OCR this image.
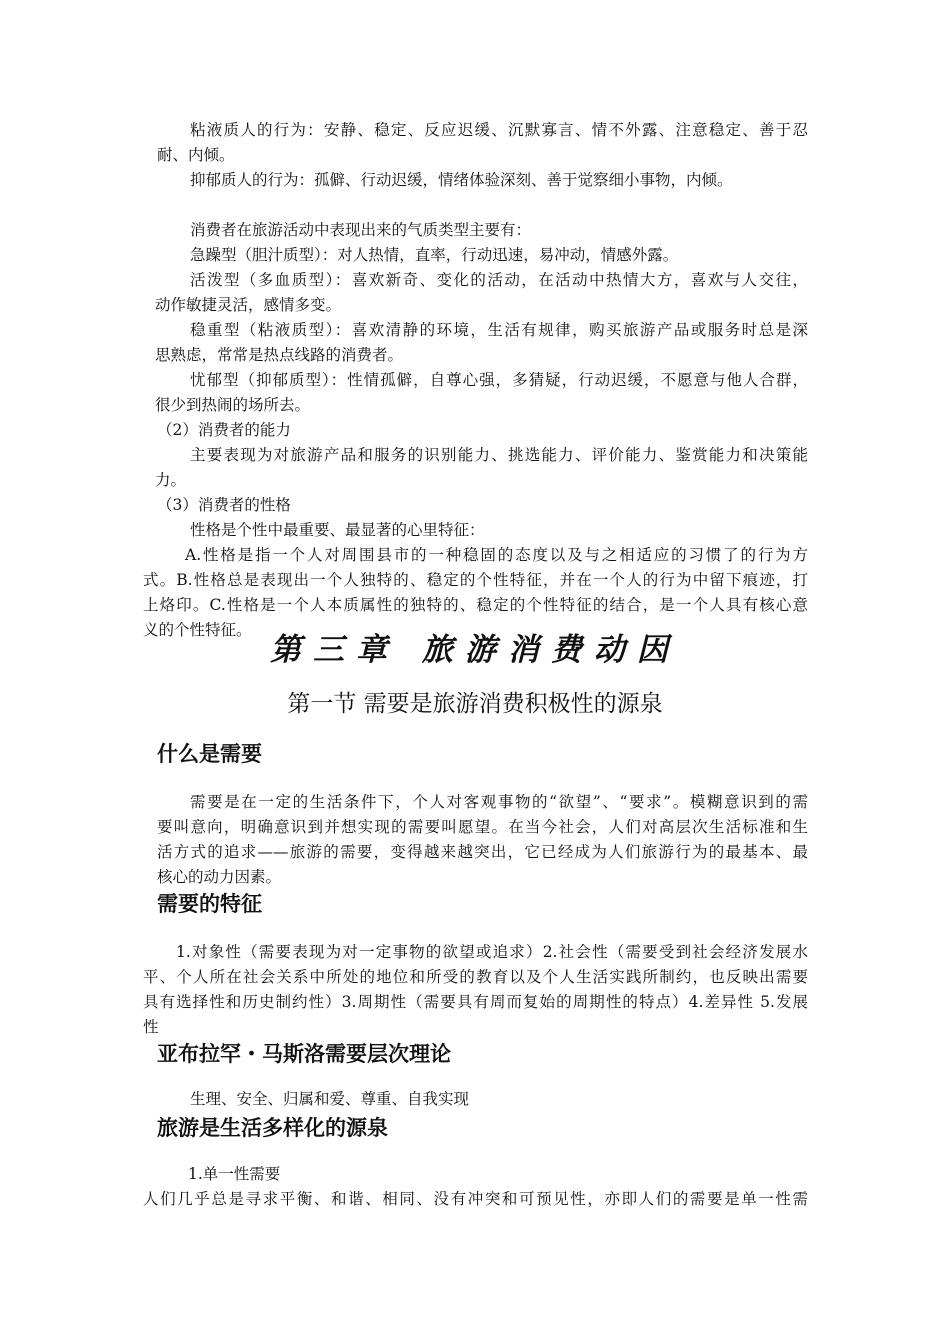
粘液质人的行为：安静、稳定、反应迟缓、沉默寡言、情不外露、注意稳定、善于忍

耐、内倾。

抑郁质人的行为：孤僻、行动迟缓，情绪体验深刻、善于觉察细小事物，内倾。

消费者在旅游活动中表现出来的气质类型主要有：

急躁型（胆汁质型）：对人热情，直率，行动迅速，易冲动，情感外露。

活泼型（多血质型）：喜欢新奇、变化的活动，在活动中热情大方，喜欢与人交往，

动作敏捷灵活，感情多变。

稳重型（粘液质型）：喜欢清静的环境，生活有规律，购买旅游产品或服务时总是深

思熟虑，常常是热点线路的消费者。

忧郁型（抑郁质型）：性情孤僻，自尊心强，多猜疑，行动迟缓，不愿意与他人合群，

很少到热闹的场所去。

（2）消费者的能力

主要表现为对旅游产品和服务的识别能力、挑选能力、评价能力、鉴赏能力和决策能

力。

（3）消费者的性格

性格是个性中最重要、最显著的心里特征：

A.性格是指一个人对周围县市的一种稳固的态度以及与之相适应的习惯了的行为方

式。B.性格总是表现出一个人独特的、稳定的个性特征，并在一个人的行为中留下痕迹，打

上烙印。C.性格是一个人本质属性的独特的、稳定的个性特征的结合，是一个人具有核心意

义的个性特征。

第三章 旅游消费动因
第一节 需要是旅游消费积极性的源泉
什么是需要

需要是在一定的生活条件下，个人对客观事物的“欲望”、“要求”。模糊意识到的需

要叫意向，明确意识到并想实现的需要叫愿望。在当今社会，人们对高层次生活标准和生

活方式的追求——旅游的需要，变得越来越突出，它已经成为人们旅游行为的最基本、最

核心的动力因素。

需要的特征

1.对象性（需要表现为对一定事物的欲望或追求）2.社会性（需要受到社会经济发展水

平、个人所在社会关系中所处的地位和所受的教育以及个人生活实践所制约，也反映出需要

具有选择性和历史制约性）3.周期性（需要具有周而复始的周期性的特点）4.差异性 5.发展

性

亚布拉罕・马斯洛需要层次理论

生理、安全、归属和爱、尊重、自我实现

旅游是生活多样化的源泉

1.单一性需要

人们几乎总是寻求平衡、和谐、相同、没有冲突和可预见性，亦即人们的需要是单一性需
